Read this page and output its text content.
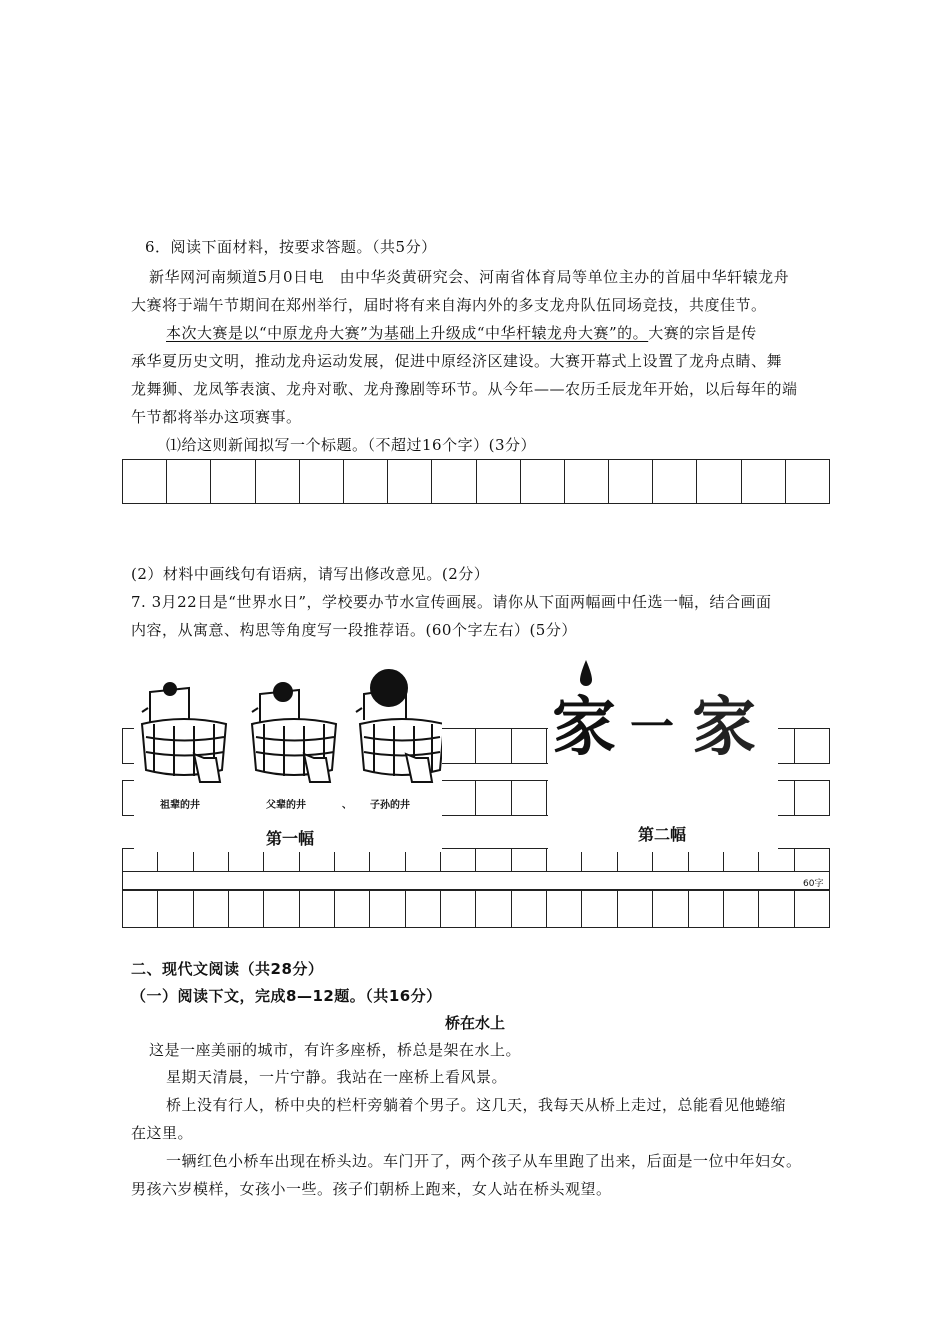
6．阅读下面材料，按要求答题。（共5分）
新华网河南频道5月0日电　由中华炎黄研究会、河南省体育局等单位主办的首届中华轩辕龙舟
大赛将于端午节期间在郑州举行，届时将有来自海内外的多支龙舟队伍同场竞技，共度佳节。
本次大赛是以“中原龙舟大赛”为基础上升级成“中华杆辕龙舟大赛”的。大赛的宗旨是传
承华夏历史文明，推动龙舟运动发展，促进中原经济区建设。大赛开幕式上设置了龙舟点睛、舞
龙舞狮、龙凤筝表演、龙舟对歌、龙舟豫剧等环节。从今年——农历壬辰龙年开始，以后每年的端
午节都将举办这项赛事。
⑴给这则新闻拟写一个标题。（不超过16个字）(3分）
(2）材料中画线句有语病，请写出修改意见。(2分）
7. 3月22日是“世界水日”，学校要办节水宣传画展。请你从下面两幅画中任选一幅，结合画面
内容，从寓意、构思等角度写一段推荐语。(60个字左右）(5分）
60字
祖辈的井	父辈的井	、 子孙的井
第一幅
家 一 家
第二幅
二、现代文阅读（共28分）
（一）阅读下文，完成8—12题。（共16分）
桥在水上
这是一座美丽的城市，有许多座桥，桥总是架在水上。
星期天清晨，一片宁静。我站在一座桥上看风景。
桥上没有行人，桥中央的栏杆旁躺着个男子。这几天，我每天从桥上走过，总能看见他蜷缩
在这里。
一辆红色小桥车出现在桥头边。车门开了，两个孩子从车里跑了出来，后面是一位中年妇女。
男孩六岁模样，女孩小一些。孩子们朝桥上跑来，女人站在桥头观望。
